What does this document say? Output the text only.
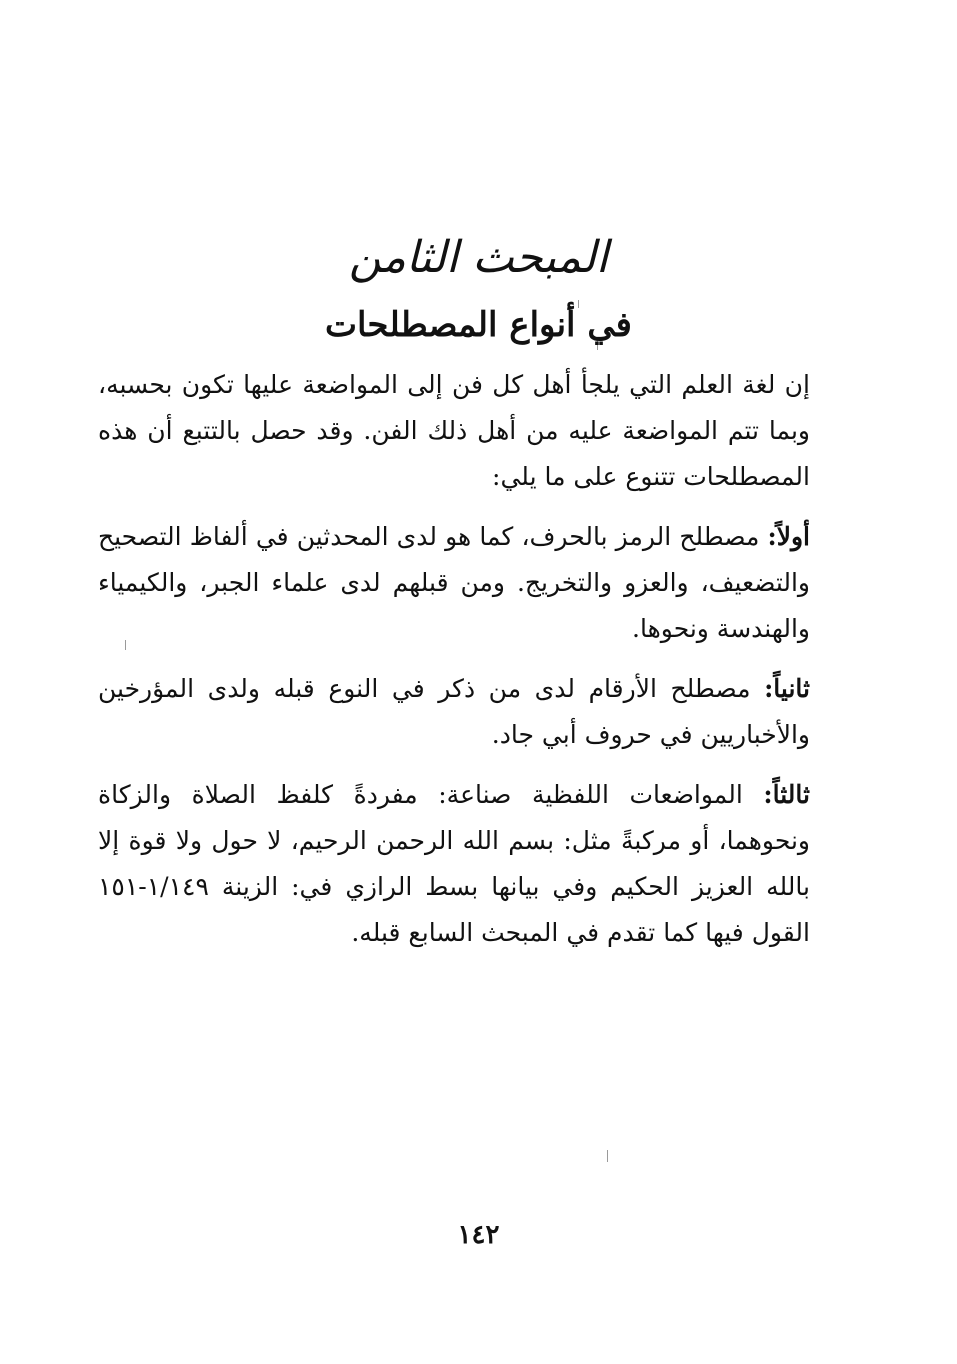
المبحث الثامن
في أنواع المصطلحات
إن لغة العلم التي يلجأ أهل كل فن إلى المواضعة عليها تكون بحسبه، وبما تتم المواضعة عليه من أهل ذلك الفن. وقد حصل بالتتبع أن هذه المصطلحات تتنوع على ما يلي:
أولاً: مصطلح الرمز بالحرف، كما هو لدى المحدثين في ألفاظ التصحيح والتضعيف، والعزو والتخريج. ومن قبلهم لدى علماء الجبر، والكيمياء والهندسة ونحوها.
ثانياً: مصطلح الأرقام لدى من ذكر في النوع قبله ولدى المؤرخين والأخباريين في حروف أبي جاد.
ثالثاً: المواضعات اللفظية صناعة: مفردةً كلفظ الصلاة والزكاة ونحوهما، أو مركبةً مثل: بسم الله الرحمن الرحيم، لا حول ولا قوة إلا بالله العزيز الحكيم وفي بيانها بسط الرازي في: الزينة ١/١٤٩-١٥١ القول فيها كما تقدم في المبحث السابع قبله.
١٤٢
